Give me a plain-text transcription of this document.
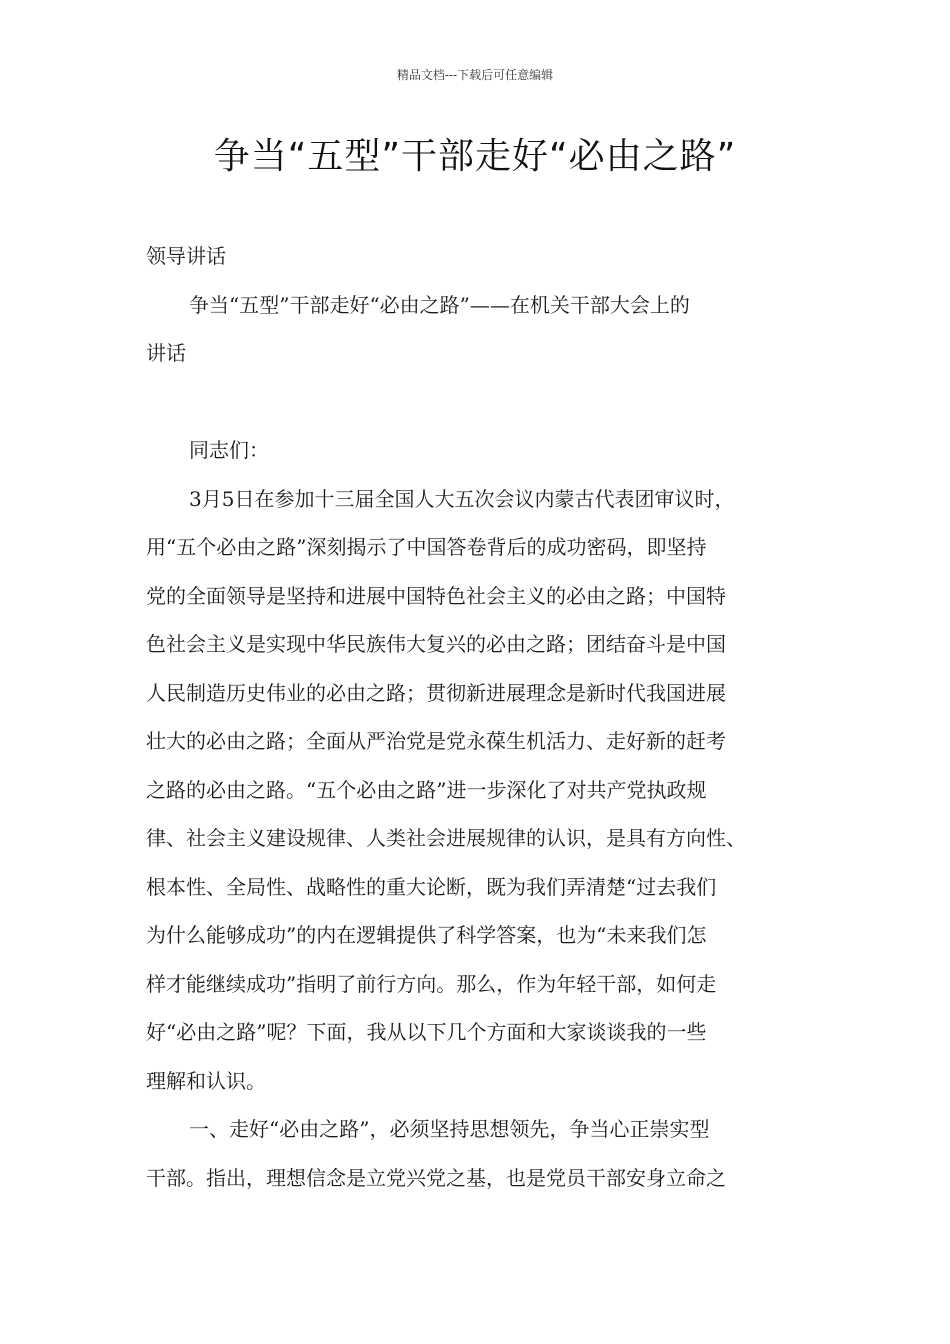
精品文档---下载后可任意编辑
争当“五型”干部走好“必由之路”
领导讲话
争当“五型”干部走好“必由之路”——在机关干部大会上的
讲话
同志们：
3月5日在参加十三届全国人大五次会议内蒙古代表团审议时，
用“五个必由之路”深刻揭示了中国答卷背后的成功密码，即坚持
党的全面领导是坚持和进展中国特色社会主义的必由之路；中国特
色社会主义是实现中华民族伟大复兴的必由之路；团结奋斗是中国
人民制造历史伟业的必由之路；贯彻新进展理念是新时代我国进展
壮大的必由之路；全面从严治党是党永葆生机活力、走好新的赶考
之路的必由之路。“五个必由之路”进一步深化了对共产党执政规
律、社会主义建设规律、人类社会进展规律的认识，是具有方向性、
根本性、全局性、战略性的重大论断，既为我们弄清楚“过去我们
为什么能够成功”的内在逻辑提供了科学答案，也为“未来我们怎
样才能继续成功”指明了前行方向。那么，作为年轻干部，如何走
好“必由之路”呢？下面，我从以下几个方面和大家谈谈我的一些
理解和认识。
一、走好“必由之路”，必须坚持思想领先，争当心正崇实型
干部。指出，理想信念是立党兴党之基，也是党员干部安身立命之
